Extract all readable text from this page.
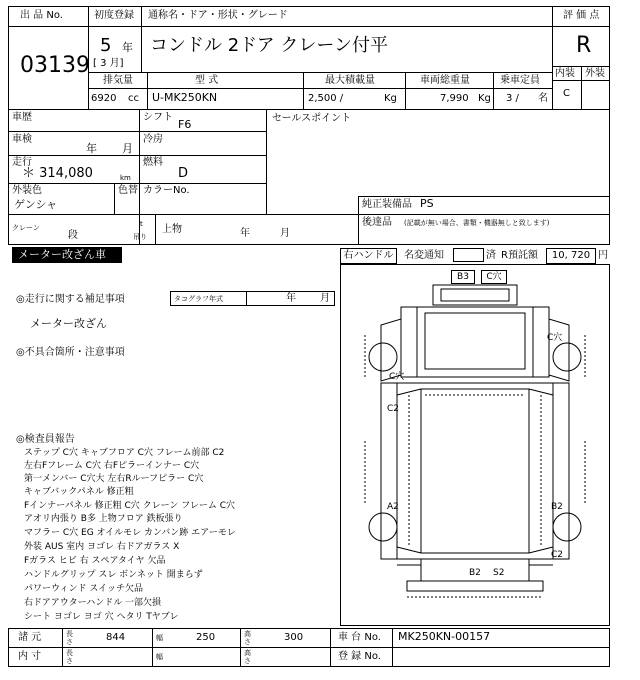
出 品 No.
03139
初度登録
5 年
[ 3 月]
通称名・ドア・形状・グレード
コンドル 2ドア クレーン付平
評 価 点
R
内装 外装
C
排気量
6920 cc
型 式
U-MK250KN
最大積載量
2,500 /	Kg
車両総重量
7,990 Kg
乗車定員
3 / 名
車歴	シフト
F6
車検
年 月
冷房
走行
＊ 314,080	km
燃料
D
外装色
ゲンシャ
色替 カラーNo.
セールスポイント
純正装備品 PS
後達品 (記載が無い場合、書類・機器無しと致します)
クレーン
段
t
吊り
上物	年	月
メーター改ざん車	右ハンドル	名変通知	済 R預託額	10, 720 円
◎走行に関する補足事項	タコグラフ年式	年 月
メーター改ざん
◎不具合箇所・注意事項
◎検査員報告
ステップ C穴 キャブフロア C穴 フレーム前部 C2
左右Fフレーム C穴 右Fピラーインナー C穴
第一メンバー C穴大 左右Rルーフピラー C穴
キャブバックパネル 修正粗
Fインナーパネル 修正粗 C穴 クレーン フレーム C穴
アオリ内張り B多 上物フロア 鉄板張り
マフラー C穴 EG オイルモレ カンバン跡 エアーモレ
外装 AUS 室内 ヨゴレ 右ドアガラス X
Fガラス ヒビ 右 スペアタイヤ 欠品
ハンドルグリップ スレ ボンネット 開まらず
パワーウィンド スイッチ欠品
右ドアアウターハンドル 一部欠損
シート ヨゴレ ヨゴ 穴 ヘタリ Tヤブレ
B3	C穴
C穴
C穴
C2
A2	B2
C2
B2 S2
諸 元	長さ	844	幅	250	高さ	300	車 台 No. MK250KN-00157
内 寸	長さ	幅	高さ	登 録 No.
